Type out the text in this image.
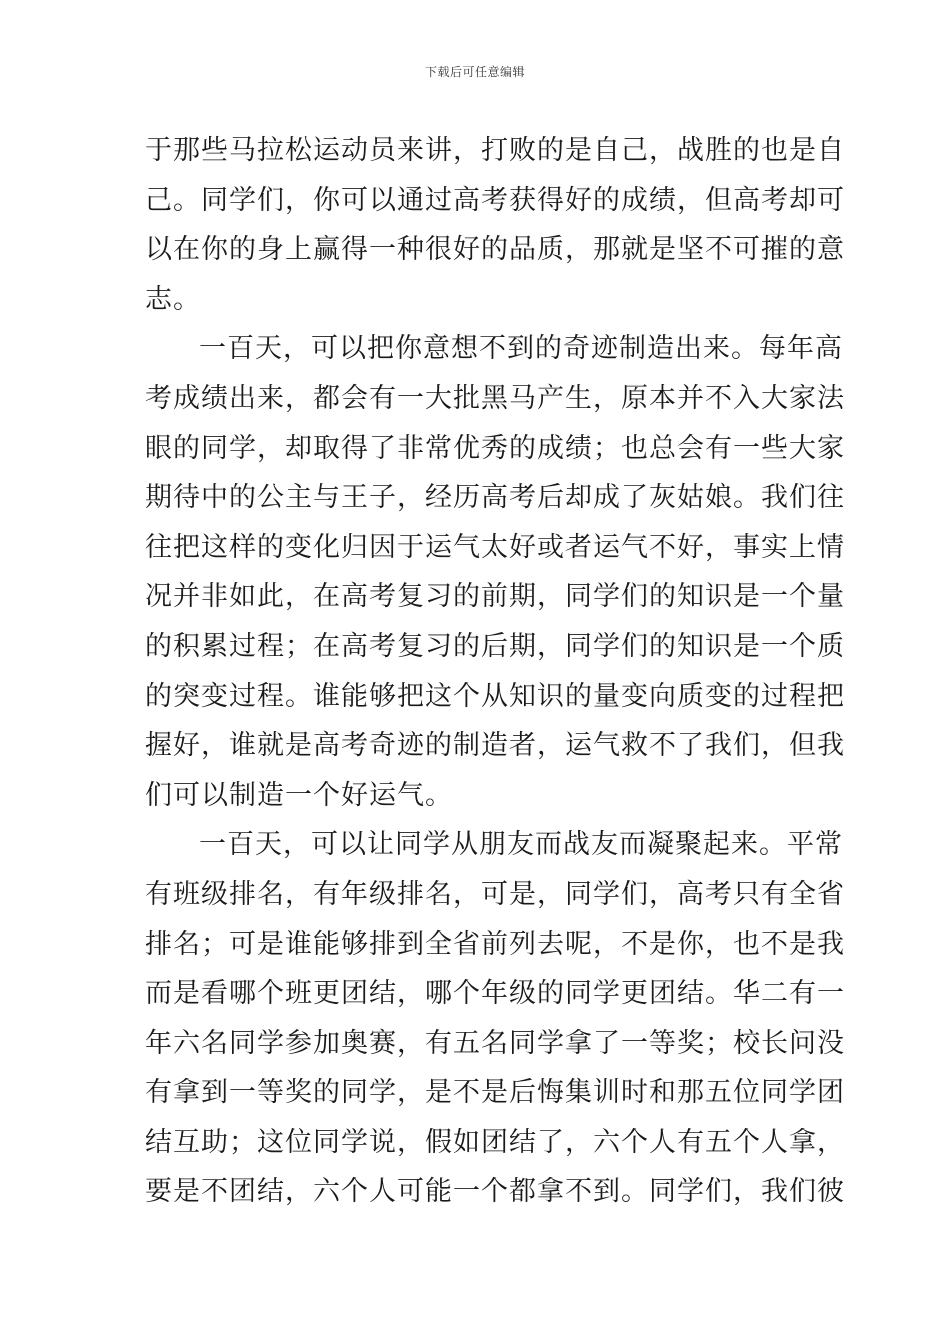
下载后可任意编辑
于那些马拉松运动员来讲，打败的是自己，战胜的也是自
己。同学们，你可以通过高考获得好的成绩，但高考却可
以在你的身上赢得一种很好的品质，那就是坚不可摧的意
志。
一百天，可以把你意想不到的奇迹制造出来。每年高
考成绩出来，都会有一大批黑马产生，原本并不入大家法
眼的同学，却取得了非常优秀的成绩；也总会有一些大家
期待中的公主与王子，经历高考后却成了灰姑娘。我们往
往把这样的变化归因于运气太好或者运气不好，事实上情
况并非如此，在高考复习的前期，同学们的知识是一个量
的积累过程；在高考复习的后期，同学们的知识是一个质
的突变过程。谁能够把这个从知识的量变向质变的过程把
握好，谁就是高考奇迹的制造者，运气救不了我们，但我
们可以制造一个好运气。
一百天，可以让同学从朋友而战友而凝聚起来。平常
有班级排名，有年级排名，可是，同学们，高考只有全省
排名；可是谁能够排到全省前列去呢，不是你，也不是我
而是看哪个班更团结，哪个年级的同学更团结。华二有一
年六名同学参加奥赛，有五名同学拿了一等奖；校长问没
有拿到一等奖的同学，是不是后悔集训时和那五位同学团
结互助；这位同学说，假如团结了，六个人有五个人拿，
要是不团结，六个人可能一个都拿不到。同学们，我们彼
